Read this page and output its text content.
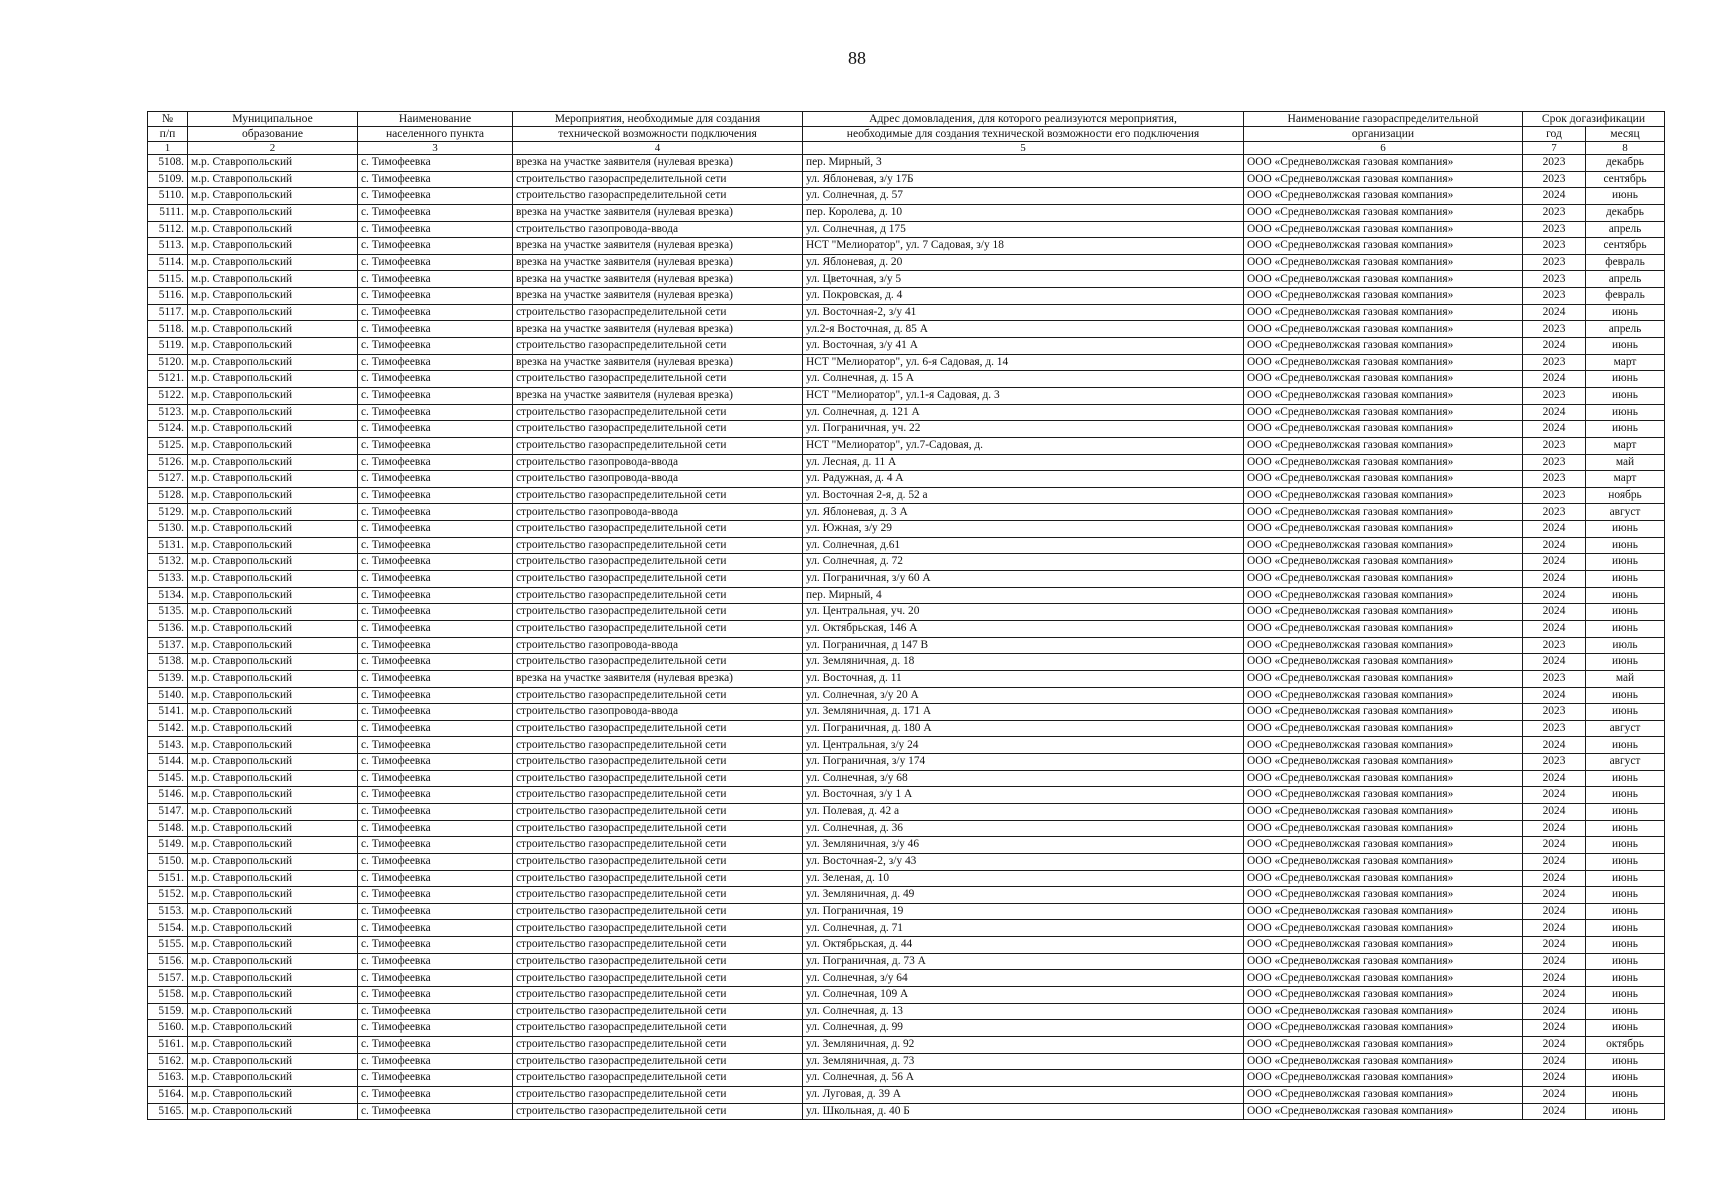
88
№	Муниципальное	Наименование	Мероприятия, необходимые для создания	Адрес домовладения, для которого реализуются мероприятия,	Наименование газораспределительной	Срок догазификации	
п/п	образование	населенного пункта	технической возможности подключения	необходимые для создания технической возможности его подключения	организации	год	месяц
1	2	3	4	5	6	7	8
5108.	м.р. Ставропольский	с. Тимофеевка	врезка на участке заявителя (нулевая врезка)	пер. Мирный, 3	ООО «Средневолжская газовая компания»	2023	декабрь
5109.	м.р. Ставропольский	с. Тимофеевка	строительство газораспределительной сети	ул. Яблоневая, з/у 17Б	ООО «Средневолжская газовая компания»	2023	сентябрь
5110.	м.р. Ставропольский	с. Тимофеевка	строительство газораспределительной сети	ул. Солнечная, д. 57	ООО «Средневолжская газовая компания»	2024	июнь
5111.	м.р. Ставропольский	с. Тимофеевка	врезка на участке заявителя (нулевая врезка)	пер. Королева, д. 10	ООО «Средневолжская газовая компания»	2023	декабрь
5112.	м.р. Ставропольский	с. Тимофеевка	строительство газопровода-ввода	ул. Солнечная, д 175	ООО «Средневолжская газовая компания»	2023	апрель
5113.	м.р. Ставропольский	с. Тимофеевка	врезка на участке заявителя (нулевая врезка)	НСТ "Мелиоратор", ул. 7 Садовая, з/у 18	ООО «Средневолжская газовая компания»	2023	сентябрь
5114.	м.р. Ставропольский	с. Тимофеевка	врезка на участке заявителя (нулевая врезка)	ул. Яблоневая, д. 20	ООО «Средневолжская газовая компания»	2023	февраль
5115.	м.р. Ставропольский	с. Тимофеевка	врезка на участке заявителя (нулевая врезка)	ул. Цветочная, з/у 5	ООО «Средневолжская газовая компания»	2023	апрель
5116.	м.р. Ставропольский	с. Тимофеевка	врезка на участке заявителя (нулевая врезка)	ул. Покровская, д. 4	ООО «Средневолжская газовая компания»	2023	февраль
5117.	м.р. Ставропольский	с. Тимофеевка	строительство газораспределительной сети	ул. Восточная-2, з/у 41	ООО «Средневолжская газовая компания»	2024	июнь
5118.	м.р. Ставропольский	с. Тимофеевка	врезка на участке заявителя (нулевая врезка)	ул.2-я Восточная, д. 85 А	ООО «Средневолжская газовая компания»	2023	апрель
5119.	м.р. Ставропольский	с. Тимофеевка	строительство газораспределительной сети	ул. Восточная, з/у 41 А	ООО «Средневолжская газовая компания»	2024	июнь
5120.	м.р. Ставропольский	с. Тимофеевка	врезка на участке заявителя (нулевая врезка)	НСТ "Мелиоратор", ул. 6-я Садовая, д. 14	ООО «Средневолжская газовая компания»	2023	март
5121.	м.р. Ставропольский	с. Тимофеевка	строительство газораспределительной сети	ул. Солнечная, д. 15 А	ООО «Средневолжская газовая компания»	2024	июнь
5122.	м.р. Ставропольский	с. Тимофеевка	врезка на участке заявителя (нулевая врезка)	НСТ "Мелиоратор", ул.1-я Садовая, д. 3	ООО «Средневолжская газовая компания»	2023	июнь
5123.	м.р. Ставропольский	с. Тимофеевка	строительство газораспределительной сети	ул. Солнечная, д. 121 А	ООО «Средневолжская газовая компания»	2024	июнь
5124.	м.р. Ставропольский	с. Тимофеевка	строительство газораспределительной сети	ул. Пограничная, уч. 22	ООО «Средневолжская газовая компания»	2024	июнь
5125.	м.р. Ставропольский	с. Тимофеевка	строительство газораспределительной сети	НСТ "Мелиоратор", ул.7-Садовая, д.	ООО «Средневолжская газовая компания»	2023	март
5126.	м.р. Ставропольский	с. Тимофеевка	строительство газопровода-ввода	ул. Лесная, д. 11 А	ООО «Средневолжская газовая компания»	2023	май
5127.	м.р. Ставропольский	с. Тимофеевка	строительство газопровода-ввода	ул. Радужная, д. 4 А	ООО «Средневолжская газовая компания»	2023	март
5128.	м.р. Ставропольский	с. Тимофеевка	строительство газораспределительной сети	ул. Восточная 2-я, д. 52 а	ООО «Средневолжская газовая компания»	2023	ноябрь
5129.	м.р. Ставропольский	с. Тимофеевка	строительство газопровода-ввода	ул. Яблоневая, д. 3 А	ООО «Средневолжская газовая компания»	2023	август
5130.	м.р. Ставропольский	с. Тимофеевка	строительство газораспределительной сети	ул. Южная, з/у 29	ООО «Средневолжская газовая компания»	2024	июнь
5131.	м.р. Ставропольский	с. Тимофеевка	строительство газораспределительной сети	ул. Солнечная, д.61	ООО «Средневолжская газовая компания»	2024	июнь
5132.	м.р. Ставропольский	с. Тимофеевка	строительство газораспределительной сети	ул. Солнечная, д. 72	ООО «Средневолжская газовая компания»	2024	июнь
5133.	м.р. Ставропольский	с. Тимофеевка	строительство газораспределительной сети	ул. Пограничная, з/у 60 А	ООО «Средневолжская газовая компания»	2024	июнь
5134.	м.р. Ставропольский	с. Тимофеевка	строительство газораспределительной сети	пер. Мирный, 4	ООО «Средневолжская газовая компания»	2024	июнь
5135.	м.р. Ставропольский	с. Тимофеевка	строительство газораспределительной сети	ул. Центральная, уч. 20	ООО «Средневолжская газовая компания»	2024	июнь
5136.	м.р. Ставропольский	с. Тимофеевка	строительство газораспределительной сети	ул. Октябрьская, 146 А	ООО «Средневолжская газовая компания»	2024	июнь
5137.	м.р. Ставропольский	с. Тимофеевка	строительство газопровода-ввода	ул. Пограничная, д 147 В	ООО «Средневолжская газовая компания»	2023	июль
5138.	м.р. Ставропольский	с. Тимофеевка	строительство газораспределительной сети	ул. Земляничная, д. 18	ООО «Средневолжская газовая компания»	2024	июнь
5139.	м.р. Ставропольский	с. Тимофеевка	врезка на участке заявителя (нулевая врезка)	ул. Восточная, д. 11	ООО «Средневолжская газовая компания»	2023	май
5140.	м.р. Ставропольский	с. Тимофеевка	строительство газораспределительной сети	ул. Солнечная, з/у 20 А	ООО «Средневолжская газовая компания»	2024	июнь
5141.	м.р. Ставропольский	с. Тимофеевка	строительство газопровода-ввода	ул. Земляничная, д. 171 А	ООО «Средневолжская газовая компания»	2023	июнь
5142.	м.р. Ставропольский	с. Тимофеевка	строительство газораспределительной сети	ул. Пограничная, д. 180 А	ООО «Средневолжская газовая компания»	2023	август
5143.	м.р. Ставропольский	с. Тимофеевка	строительство газораспределительной сети	ул. Центральная, з/у 24	ООО «Средневолжская газовая компания»	2024	июнь
5144.	м.р. Ставропольский	с. Тимофеевка	строительство газораспределительной сети	ул. Пограничная, з/у 174	ООО «Средневолжская газовая компания»	2023	август
5145.	м.р. Ставропольский	с. Тимофеевка	строительство газораспределительной сети	ул. Солнечная, з/у 68	ООО «Средневолжская газовая компания»	2024	июнь
5146.	м.р. Ставропольский	с. Тимофеевка	строительство газораспределительной сети	ул. Восточная, з/у 1 А	ООО «Средневолжская газовая компания»	2024	июнь
5147.	м.р. Ставропольский	с. Тимофеевка	строительство газораспределительной сети	ул. Полевая, д. 42 а	ООО «Средневолжская газовая компания»	2024	июнь
5148.	м.р. Ставропольский	с. Тимофеевка	строительство газораспределительной сети	ул. Солнечная, д. 36	ООО «Средневолжская газовая компания»	2024	июнь
5149.	м.р. Ставропольский	с. Тимофеевка	строительство газораспределительной сети	ул. Земляничная, з/у 46	ООО «Средневолжская газовая компания»	2024	июнь
5150.	м.р. Ставропольский	с. Тимофеевка	строительство газораспределительной сети	ул. Восточная-2, з/у 43	ООО «Средневолжская газовая компания»	2024	июнь
5151.	м.р. Ставропольский	с. Тимофеевка	строительство газораспределительной сети	ул. Зеленая, д. 10	ООО «Средневолжская газовая компания»	2024	июнь
5152.	м.р. Ставропольский	с. Тимофеевка	строительство газораспределительной сети	ул. Земляничная, д. 49	ООО «Средневолжская газовая компания»	2024	июнь
5153.	м.р. Ставропольский	с. Тимофеевка	строительство газораспределительной сети	ул. Пограничная, 19	ООО «Средневолжская газовая компания»	2024	июнь
5154.	м.р. Ставропольский	с. Тимофеевка	строительство газораспределительной сети	ул. Солнечная, д. 71	ООО «Средневолжская газовая компания»	2024	июнь
5155.	м.р. Ставропольский	с. Тимофеевка	строительство газораспределительной сети	ул. Октябрьская, д. 44	ООО «Средневолжская газовая компания»	2024	июнь
5156.	м.р. Ставропольский	с. Тимофеевка	строительство газораспределительной сети	ул. Пограничная, д. 73 А	ООО «Средневолжская газовая компания»	2024	июнь
5157.	м.р. Ставропольский	с. Тимофеевка	строительство газораспределительной сети	ул. Солнечная, з/у 64	ООО «Средневолжская газовая компания»	2024	июнь
5158.	м.р. Ставропольский	с. Тимофеевка	строительство газораспределительной сети	ул. Солнечная, 109 А	ООО «Средневолжская газовая компания»	2024	июнь
5159.	м.р. Ставропольский	с. Тимофеевка	строительство газораспределительной сети	ул. Солнечная, д. 13	ООО «Средневолжская газовая компания»	2024	июнь
5160.	м.р. Ставропольский	с. Тимофеевка	строительство газораспределительной сети	ул. Солнечная, д. 99	ООО «Средневолжская газовая компания»	2024	июнь
5161.	м.р. Ставропольский	с. Тимофеевка	строительство газораспределительной сети	ул. Земляничная, д. 92	ООО «Средневолжская газовая компания»	2024	октябрь
5162.	м.р. Ставропольский	с. Тимофеевка	строительство газораспределительной сети	ул. Земляничная, д. 73	ООО «Средневолжская газовая компания»	2024	июнь
5163.	м.р. Ставропольский	с. Тимофеевка	строительство газораспределительной сети	ул. Солнечная, д. 56 А	ООО «Средневолжская газовая компания»	2024	июнь
5164.	м.р. Ставропольский	с. Тимофеевка	строительство газораспределительной сети	ул. Луговая, д. 39 А	ООО «Средневолжская газовая компания»	2024	июнь
5165.	м.р. Ставропольский	с. Тимофеевка	строительство газораспределительной сети	ул. Школьная, д. 40 Б	ООО «Средневолжская газовая компания»	2024	июнь
